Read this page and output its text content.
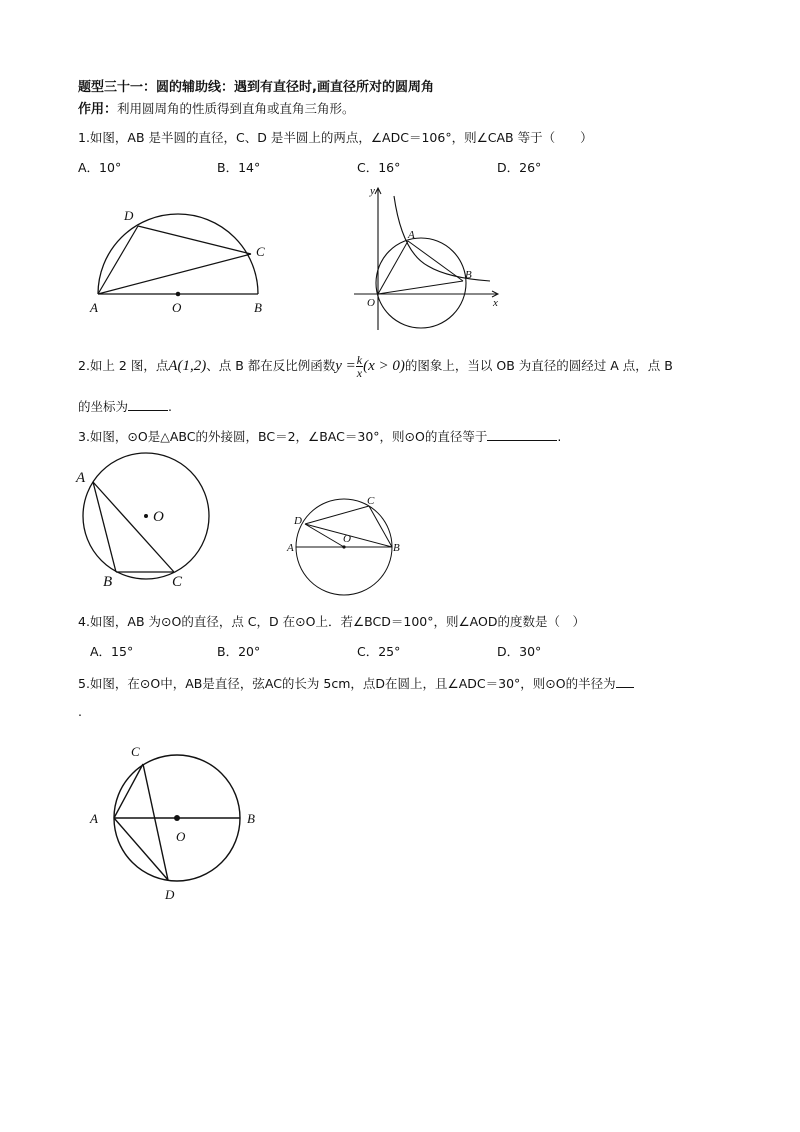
题型三十一：圆的辅助线：遇到有直径时,画直径所对的圆周角
作用：利用圆周角的性质得到直角或直角三角形。
1.如图，AB 是半圆的直径，C、D 是半圆上的两点，∠ADC＝106°，则∠CAB 等于（　　）
A．10°	B．14°	C．16°	D．26°
D
C
A	O	B
y
A
B
O	x
2.如上 2 图，点A(1,2)、点 B 都在反比例函数$y = \frac{k}{x} (x > 0)$的图象上，当以 OB 为直径的圆经过 A 点，点 B
的坐标为	.
3.如图，⊙O是△ABC的外接圆，BC＝2，∠BAC＝30°，则⊙O的直径等于	.
A
O
B	C
C
D
A
O
B
4.如图，AB 为⊙O的直径，点 C，D 在⊙O上．若∠BCD＝100°，则∠AOD的度数是（　）
A．15°	B．20°	C．25°	D．30°
5.如图，在⊙O中，AB是直径，弦AC的长为 5cm，点D在圆上，且∠ADC＝30°，则⊙O的半径为
.
C
A
O
B
D
